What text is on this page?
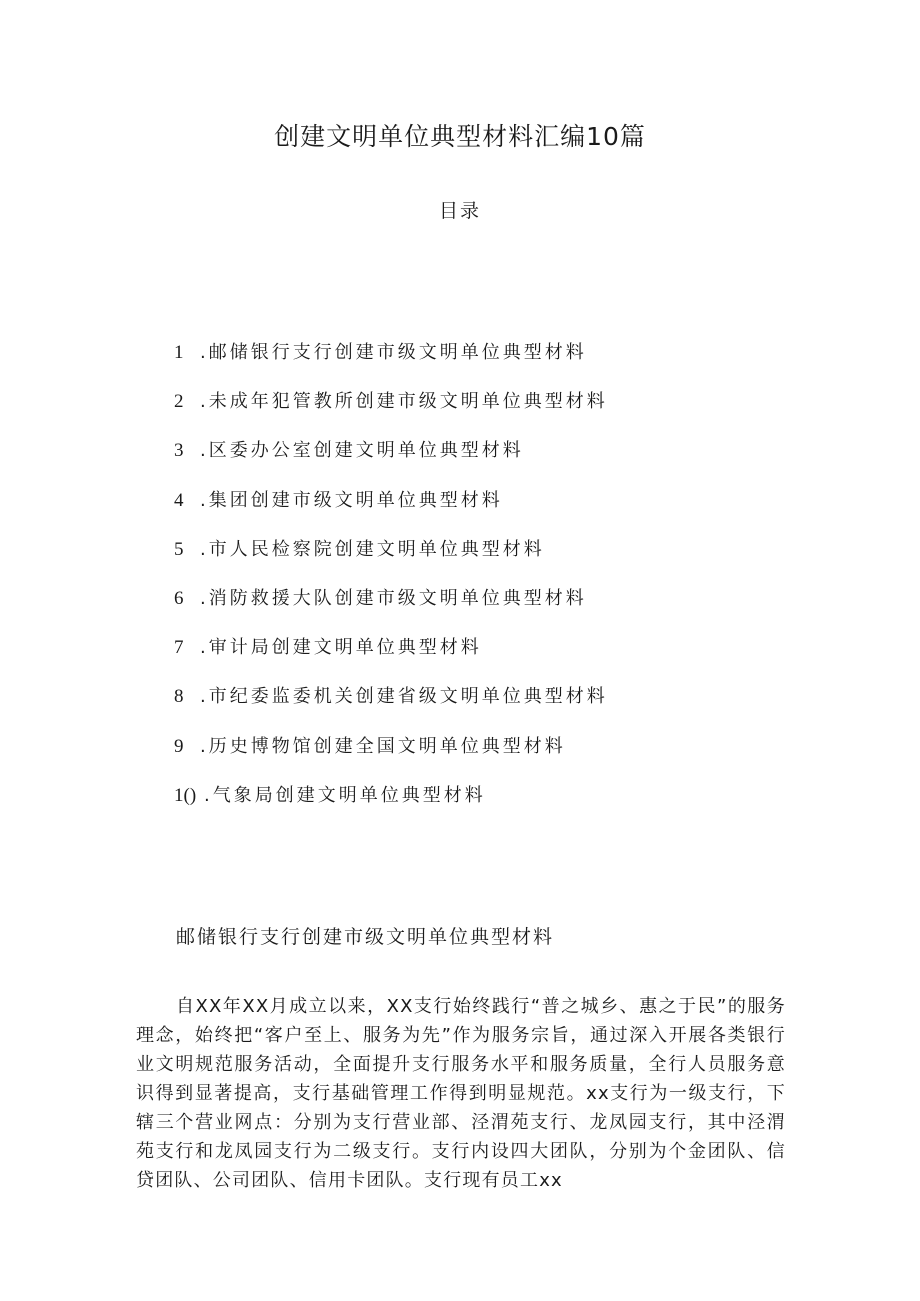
创建文明单位典型材料汇编10篇
目录
1 .邮储银行支行创建市级文明单位典型材料
2 .未成年犯管教所创建市级文明单位典型材料
3 .区委办公室创建文明单位典型材料
4 .集团创建市级文明单位典型材料
5 .市人民检察院创建文明单位典型材料
6 .消防救援大队创建市级文明单位典型材料
7 .审计局创建文明单位典型材料
8 .市纪委监委机关创建省级文明单位典型材料
9 .历史博物馆创建全国文明单位典型材料
1() .气象局创建文明单位典型材料
邮储银行支行创建市级文明单位典型材料

自XX年XX月成立以来，XX支行始终践行“普之城乡、惠之于民”的服务理念，始终把“客户至上、服务为先”作为服务宗旨，通过深入开展各类银行业文明规范服务活动，全面提升支行服务水平和服务质量，全行人员服务意识得到显著提高，支行基础管理工作得到明显规范。xx支行为一级支行，下辖三个营业网点：分别为支行营业部、泾渭苑支行、龙凤园支行，其中泾渭苑支行和龙凤园支行为二级支行。支行内设四大团队，分别为个金团队、信贷团队、公司团队、信用卡团队。支行现有员工xx
